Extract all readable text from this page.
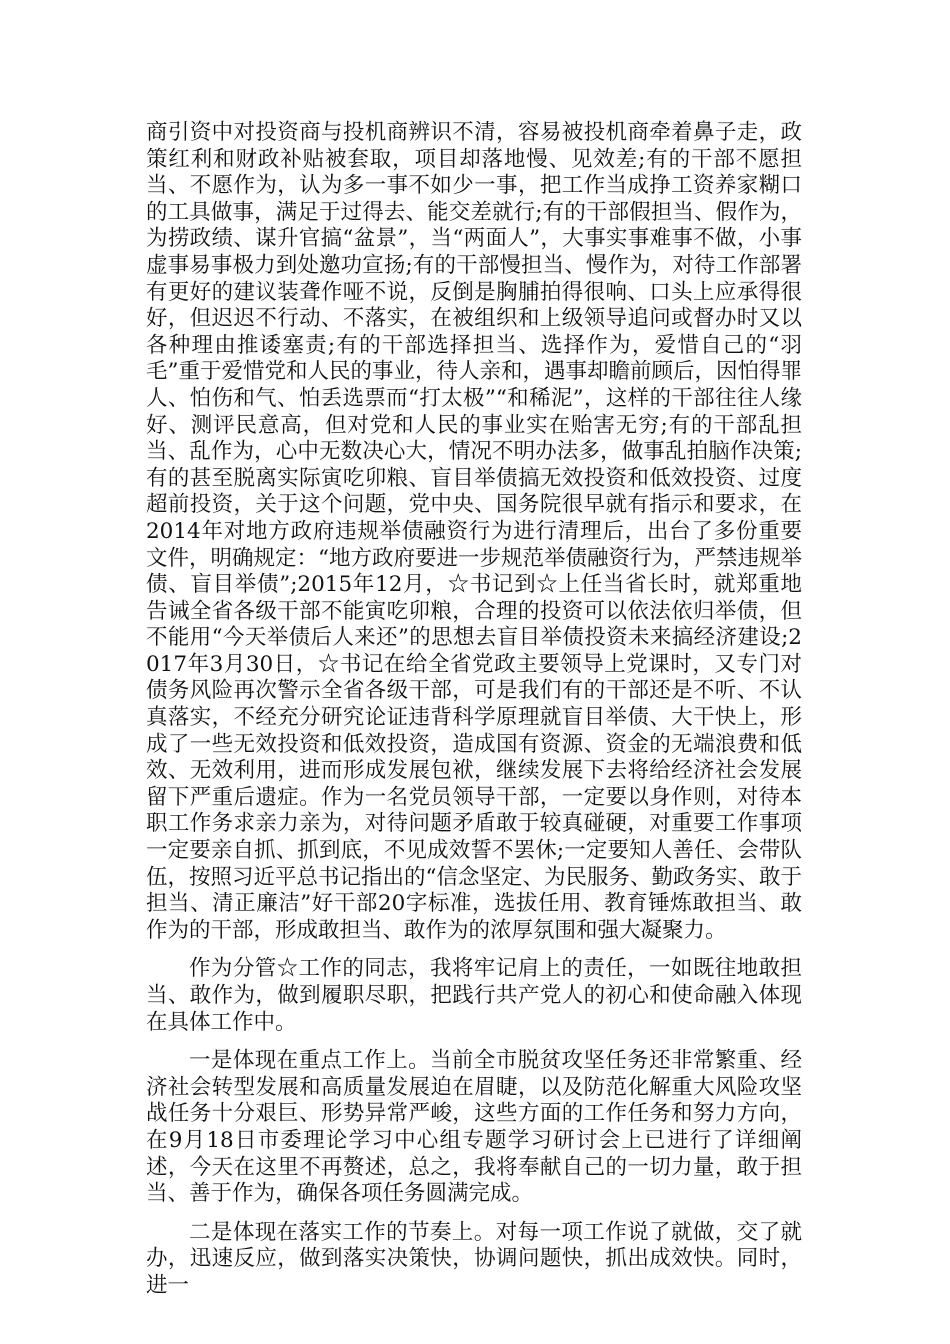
商引资中对投资商与投机商辨识不清，容易被投机商牵着鼻子走，政策红利和财政补贴被套取，项目却落地慢、见效差;有的干部不愿担当、不愿作为，认为多一事不如少一事，把工作当成挣工资养家糊口的工具做事，满足于过得去、能交差就行;有的干部假担当、假作为，为捞政绩、谋升官搞“盆景”，当“两面人”，大事实事难事不做，小事虚事易事极力到处邀功宣扬;有的干部慢担当、慢作为，对待工作部署有更好的建议装聋作哑不说，反倒是胸脯拍得很响、口头上应承得很好，但迟迟不行动、不落实，在被组织和上级领导追问或督办时又以各种理由推诿塞责;有的干部选择担当、选择作为，爱惜自己的“羽毛”重于爱惜党和人民的事业，待人亲和，遇事却瞻前顾后，因怕得罪人、怕伤和气、怕丢选票而“打太极”“和稀泥”，这样的干部往往人缘好、测评民意高，但对党和人民的事业实在贻害无穷;有的干部乱担当、乱作为，心中无数决心大，情况不明办法多，做事乱拍脑作决策;有的甚至脱离实际寅吃卯粮、盲目举债搞无效投资和低效投资、过度超前投资，关于这个问题，党中央、国务院很早就有指示和要求，在2014年对地方政府违规举债融资行为进行清理后，出台了多份重要文件，明确规定：“地方政府要进一步规范举债融资行为，严禁违规举债、盲目举债”;2015年12月，☆书记到☆上任当省长时，就郑重地告诫全省各级干部不能寅吃卯粮，合理的投资可以依法依归举债，但不能用“今天举债后人来还”的思想去盲目举债投资未来搞经济建设;2017年3月30日，☆书记在给全省党政主要领导上党课时，又专门对债务风险再次警示全省各级干部，可是我们有的干部还是不听、不认真落实，不经充分研究论证违背科学原理就盲目举债、大干快上，形成了一些无效投资和低效投资，造成国有资源、资金的无端浪费和低效、无效利用，进而形成发展包袱，继续发展下去将给经济社会发展留下严重后遗症。作为一名党员领导干部，一定要以身作则，对待本职工作务求亲力亲为，对待问题矛盾敢于较真碰硬，对重要工作事项一定要亲自抓、抓到底，不见成效誓不罢休;一定要知人善任、会带队伍，按照习近平总书记指出的“信念坚定、为民服务、勤政务实、敢于担当、清正廉洁”好干部20字标准，选拔任用、教育锤炼敢担当、敢作为的干部，形成敢担当、敢作为的浓厚氛围和强大凝聚力。

作为分管☆工作的同志，我将牢记肩上的责任，一如既往地敢担当、敢作为，做到履职尽职，把践行共产党人的初心和使命融入体现在具体工作中。

一是体现在重点工作上。当前全市脱贫攻坚任务还非常繁重、经济社会转型发展和高质量发展迫在眉睫，以及防范化解重大风险攻坚战任务十分艰巨、形势异常严峻，这些方面的工作任务和努力方向，在9月18日市委理论学习中心组专题学习研讨会上已进行了详细阐述，今天在这里不再赘述，总之，我将奉献自己的一切力量，敢于担当、善于作为，确保各项任务圆满完成。

二是体现在落实工作的节奏上。对每一项工作说了就做，交了就办，迅速反应，做到落实决策快，协调问题快，抓出成效快。同时，进一
